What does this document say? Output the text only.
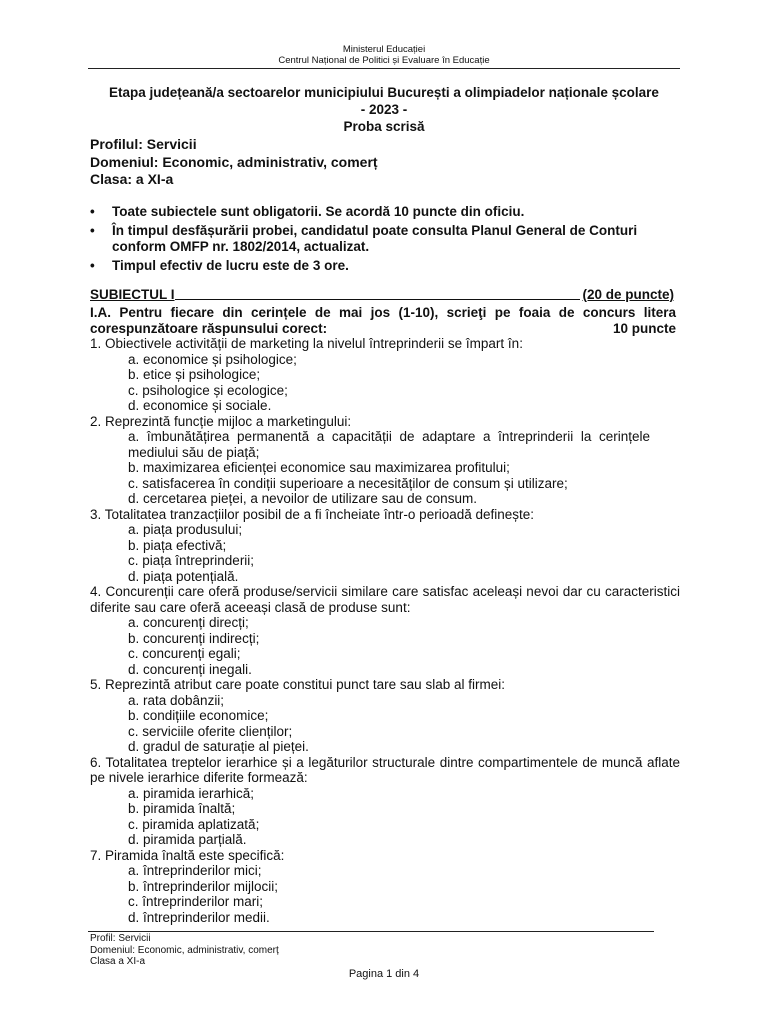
Ministerul Educației
Centrul Național de Politici și Evaluare în Educație
Etapa județeană/a sectoarelor municipiului București a olimpiadelor naționale școlare
- 2023 -
Proba scrisă
Profilul: Servicii
Domeniul: Economic, administrativ, comerț
Clasa: a XI-a
• Toate subiectele sunt obligatorii. Se acordă 10 puncte din oficiu.
• În timpul desfășurării probei, candidatul poate consulta Planul General de Conturi conform OMFP nr. 1802/2014, actualizat.
• Timpul efectiv de lucru este de 3 ore.
SUBIECTUL I	(20 de puncte)
I.A. Pentru fiecare din cerințele de mai jos (1-10), scrieţi pe foaia de concurs litera corespunzătoare răspunsului corect:	10 puncte
1. Obiectivele activității de marketing la nivelul întreprinderii se împart în:
a. economice și psihologice;
b. etice și psihologice;
c. psihologice și ecologice;
d. economice și sociale.
2. Reprezintă funcție mijloc a marketingului:
a. îmbunătățirea permanentă a capacității de adaptare a întreprinderii la cerințele mediului său de piață;
b. maximizarea eficienței economice sau maximizarea profitului;
c. satisfacerea în condiții superioare a necesităților de consum și utilizare;
d. cercetarea pieței, a nevoilor de utilizare sau de consum.
3. Totalitatea tranzacțiilor posibil de a fi încheiate într-o perioadă definește:
a. piața produsului;
b. piața efectivă;
c. piața întreprinderii;
d. piața potențială.
4. Concurenții care oferă produse/servicii similare care satisfac aceleași nevoi dar cu caracteristici diferite sau care oferă aceeași clasă de produse sunt:
a. concurenți direcți;
b. concurenți indirecți;
c. concurenți egali;
d. concurenți inegali.
5. Reprezintă atribut care poate constitui punct tare sau slab al firmei:
a. rata dobânzii;
b. condițiile economice;
c. serviciile oferite clienților;
d. gradul de saturație al pieței.
6. Totalitatea treptelor ierarhice și a legăturilor structurale dintre compartimentele de muncă aflate pe nivele ierarhice diferite formează:
a. piramida ierarhică;
b. piramida înaltă;
c. piramida aplatizată;
d. piramida parțială.
7. Piramida înaltă este specifică:
a. întreprinderilor mici;
b. întreprinderilor mijlocii;
c. întreprinderilor mari;
d. întreprinderilor medii.
Profil: Servicii
Domeniul: Economic, administrativ, comerț
Clasa a XI-a
Pagina 1 din 4
